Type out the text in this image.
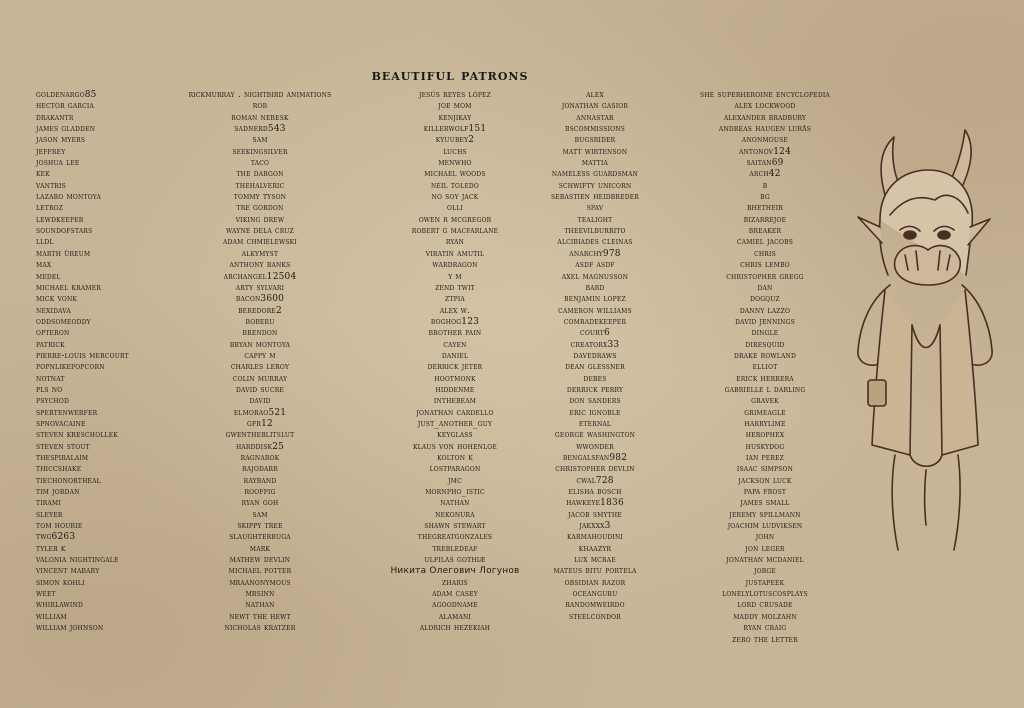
beautiful patrons
goldenargo85
hector garcia
drakantr
james gladden
jason myers
jeffrey
joshua lee
kek
vantris
lazaro montoya
letroz
lewdkeeper
soundofstars
lldl
marth ûreum
max
medel
michael kramer
mick vonk
nexidava
oddsomeoddy
opteron
patrick
pierre-louis mercourt
popnlikepopcorn
notnat
pls no
psychod
spertenwerfer
spnovacaine
steven kreschollek
steven stout
thespiralaim
thiccshake
tiechonortheal
tim jordan
tirami
sleyer
tom hourie
twg6263
tyler k
valonia nightingale
vincent mabary
simon kohli
weet
whirlawind
william
william johnson
rickmurray . nightbird animations
rob
roman nebesk
sadnerd543
sam
seekingsilver
taco
the dargon
thehalveric
tommy tyson
tre gordon
viking drew
wayne dela cruz
adam chmielewski
alkymyst
anthony banks
archangel12504
arty sylvari
bacon3600
beredore2
boberu
brendon
bryan montoya
cappy m
charles leroy
colin murray
david sucre
david
elmorao521
gfr12
gwentheblitslut
harddisk25
ragnarok
rajodarr
rayband
roofpig
ryan goh
sam
skippy tree
slaughterbuga
mark
mathew devlin
michael potter
mraanonymous
mrsinn
nathan
newt the hewt
nicholas kratzer
jesús reyes lópez
joe mom
kenjikay
killerwolf151
kyuubey2
luchs
menwho
michael woods
neil toledo
no soy jack
olli
owen r mcgregor
robert g macfarlane
ryan
viratin amutil
wardragon
y m
zend twit
ztpia
alex w.
boghog123
brother pain
cayen
daniel
derrick jeter
hootmonk
hiddenme
inthebeam
jonathan cardello
just_another_guy
keyglass
klaus von hohenloe
kolton k
lostparagon
jmc
mornpho_istic
nathan
nekonura
shawn stewart
thegreatgonzales
trebledeaf
ulfilas gothiæ
Никита Олегович Логунов
zharis
adam casey
agoodname
alamani
aldrich hezekiah
alex
jonathan gasior
annastar
bscommissions
bugsrider
matt wirtenson
mattia
nameless guardsman
schwifty unicorn
sebastien heidbreder
spav
tealight
theevilburrito
alcibiades cleinas
anarchy978
asdf asdf
axel magnusson
bard
benjamin lopez
cameron williams
comradekeeper
court6
creatorx33
davedraws
dean glessner
debes
derrick perry
don sanders
eric ignoble
eternal
george washington
wwonder
bengalsfan982
christopher devlin
cwal728
elisha bosch
hawkeye1836
jacob smythe
jakxxx3
karmahoudini
khaazyr
lux mcrae
mateus bitu portela
obsidian razor
oceanguru
randomweirdo
steelcondor
she superheroine encyclopedia
alex lockwood
alexander bradbury
andreas haugen lurås
anonmouse
antonov124
saitan69
arch42
b
bg
bhetheir
bizarrejoe
breaker
camiel jacobs
chris
chris lembo
christopher gregg
dan
dogquz
danny lazzo
david jennings
dingle
diresquid
drake rowland
elliot
erick herrera
gabrielle l darling
gravek
grimeagle
harrylime
herophex
huskydog
ian perez
isaac simpson
jackson luck
papa frost
james small
jeremy spillmann
joachim ludviksen
john
jon leger
jonathan mcdaniel
jorge
justapeek
lonelylotuscosplays
lord crusade
maddy molzahn
ryan craig
zero the letter
